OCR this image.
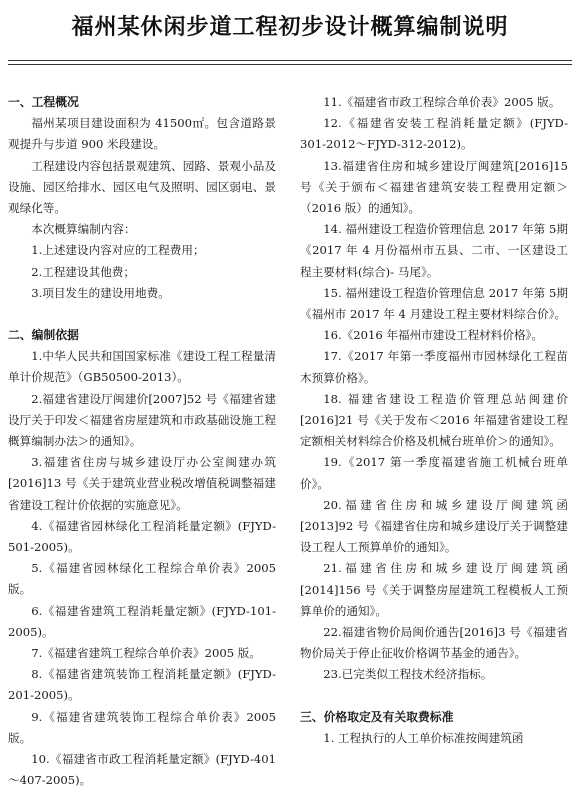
福州某休闲步道工程初步设计概算编制说明
一、工程概况

福州某项目建设面积为 41500㎡。包含道路景观提升与步道 900 米段建设。

工程建设内容包括景观建筑、园路、景观小品及设施、园区给排水、园区电气及照明、园区弱电、景观绿化等。

本次概算编制内容：

1.上述建设内容对应的工程费用；

2.工程建设其他费；

3.项目发生的建设用地费。

二、编制依据

1.中华人民共和国国家标准《建设工程工程量清单计价规范》（GB50500-2013）。

2.福建省建设厅闽建价[2007]52 号《福建省建设厅关于印发＜福建省房屋建筑和市政基础设施工程概算编制办法＞的通知》。

3.福建省住房与城乡建设厅办公室闽建办筑[2016]13 号《关于建筑业营业税改增值税调整福建省建设工程计价依据的实施意见》。

4.《福建省园林绿化工程消耗量定额》(FJYD-501-2005)。

5.《福建省园林绿化工程综合单价表》2005版。

6.《福建省建筑工程消耗量定额》(FJYD-101-2005)。

7.《福建省建筑工程综合单价表》2005 版。

8.《福建省建筑装饰工程消耗量定额》(FJYD-201-2005)。

9.《福建省建筑装饰工程综合单价表》2005版。

10.《福建省市政工程消耗量定额》(FJYD-401～407-2005)。

11.《福建省市政工程综合单价表》2005 版。

12.《福建省安装工程消耗量定额》(FJYD-301-2012～FJYD-312-2012)。

13.福建省住房和城乡建设厅闽建筑[2016]15号《关于颁布＜福建省建筑安装工程费用定额＞（2016 版）的通知》。

14. 福州建设工程造价管理信息 2017 年第 5期《2017 年 4 月份福州市五县、二市、一区建设工程主要材料(综合)- 马尾》。

15. 福州建设工程造价管理信息 2017 年第 5期《福州市 2017 年 4 月建设工程主要材料综合价》。

16.《2016 年福州市建设工程材料价格》。

17.《2017 年第一季度福州市园林绿化工程苗木预算价格》。

18. 福建省建设工程造价管理总站闽建价[2016]21 号《关于发布＜2016 年福建省建设工程定额相关材料综合价格及机械台班单价＞的通知》。

19.《2017 第一季度福建省施工机械台班单价》。

20.福建省住房和城乡建设厅闽建筑函[2013]92 号《福建省住房和城乡建设厅关于调整建设工程人工预算单价的通知》。

21.福建省住房和城乡建设厅闽建筑函[2014]156 号《关于调整房屋建筑工程模板人工预算单价的通知》。

22.福建省物价局闽价通告[2016]3 号《福建省物价局关于停止征收价格调节基金的通告》。

23.已完类似工程技术经济指标。

三、价格取定及有关取费标准

1. 工程执行的人工单价标准按闽建筑函
